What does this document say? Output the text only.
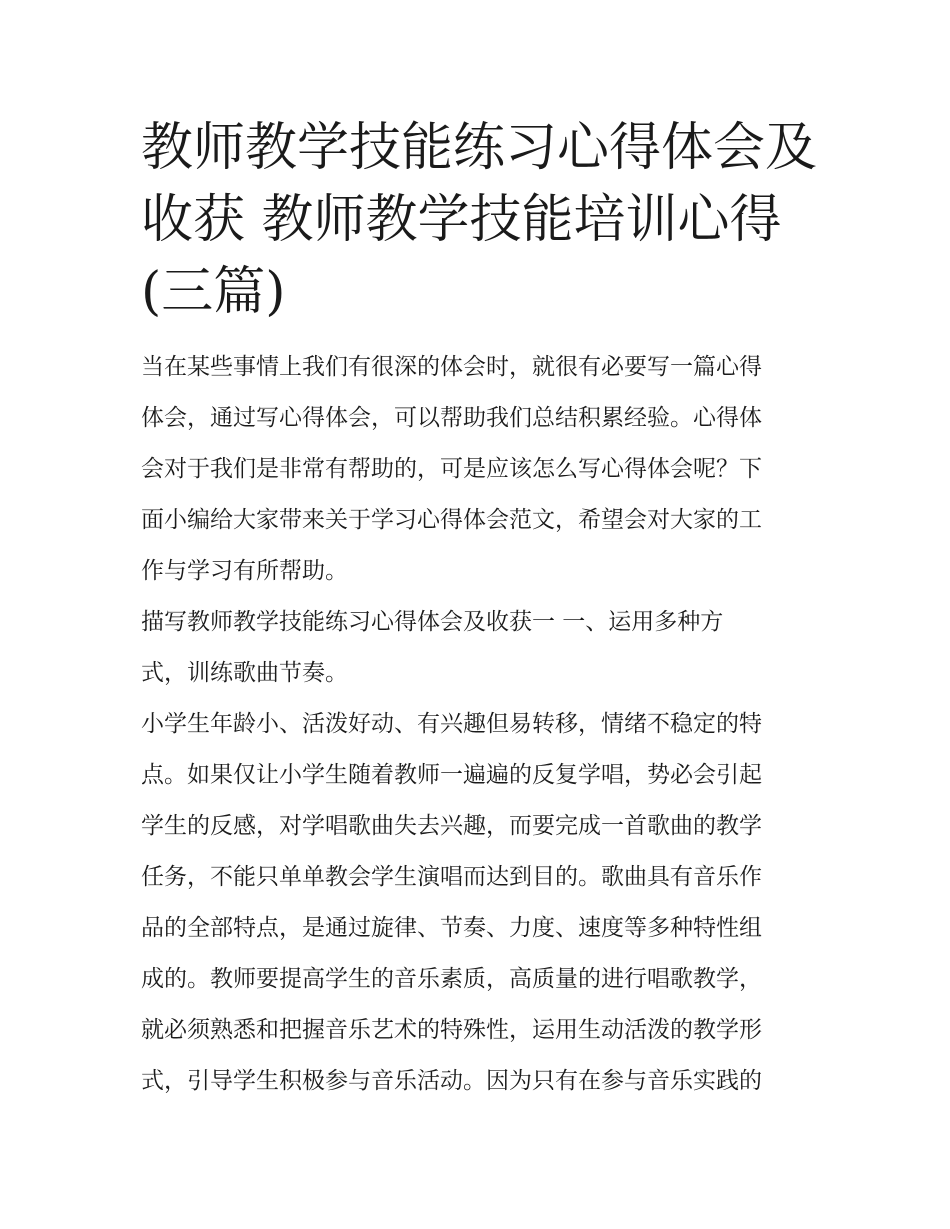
教师教学技能练习心得体会及
收获 教师教学技能培训心得
(三篇)

当在某些事情上我们有很深的体会时，就很有必要写一篇心得
体会，通过写心得体会，可以帮助我们总结积累经验。心得体
会对于我们是非常有帮助的，可是应该怎么写心得体会呢？下
面小编给大家带来关于学习心得体会范文，希望会对大家的工
作与学习有所帮助。

描写教师教学技能练习心得体会及收获一 一、运用多种方
式，训练歌曲节奏。

小学生年龄小、活泼好动、有兴趣但易转移，情绪不稳定的特
点。如果仅让小学生随着教师一遍遍的反复学唱，势必会引起
学生的反感，对学唱歌曲失去兴趣，而要完成一首歌曲的教学
任务，不能只单单教会学生演唱而达到目的。歌曲具有音乐作
品的全部特点，是通过旋律、节奏、力度、速度等多种特性组
成的。教师要提高学生的音乐素质，高质量的进行唱歌教学，
就必须熟悉和把握音乐艺术的特殊性，运用生动活泼的教学形
式，引导学生积极参与音乐活动。因为只有在参与音乐实践的
